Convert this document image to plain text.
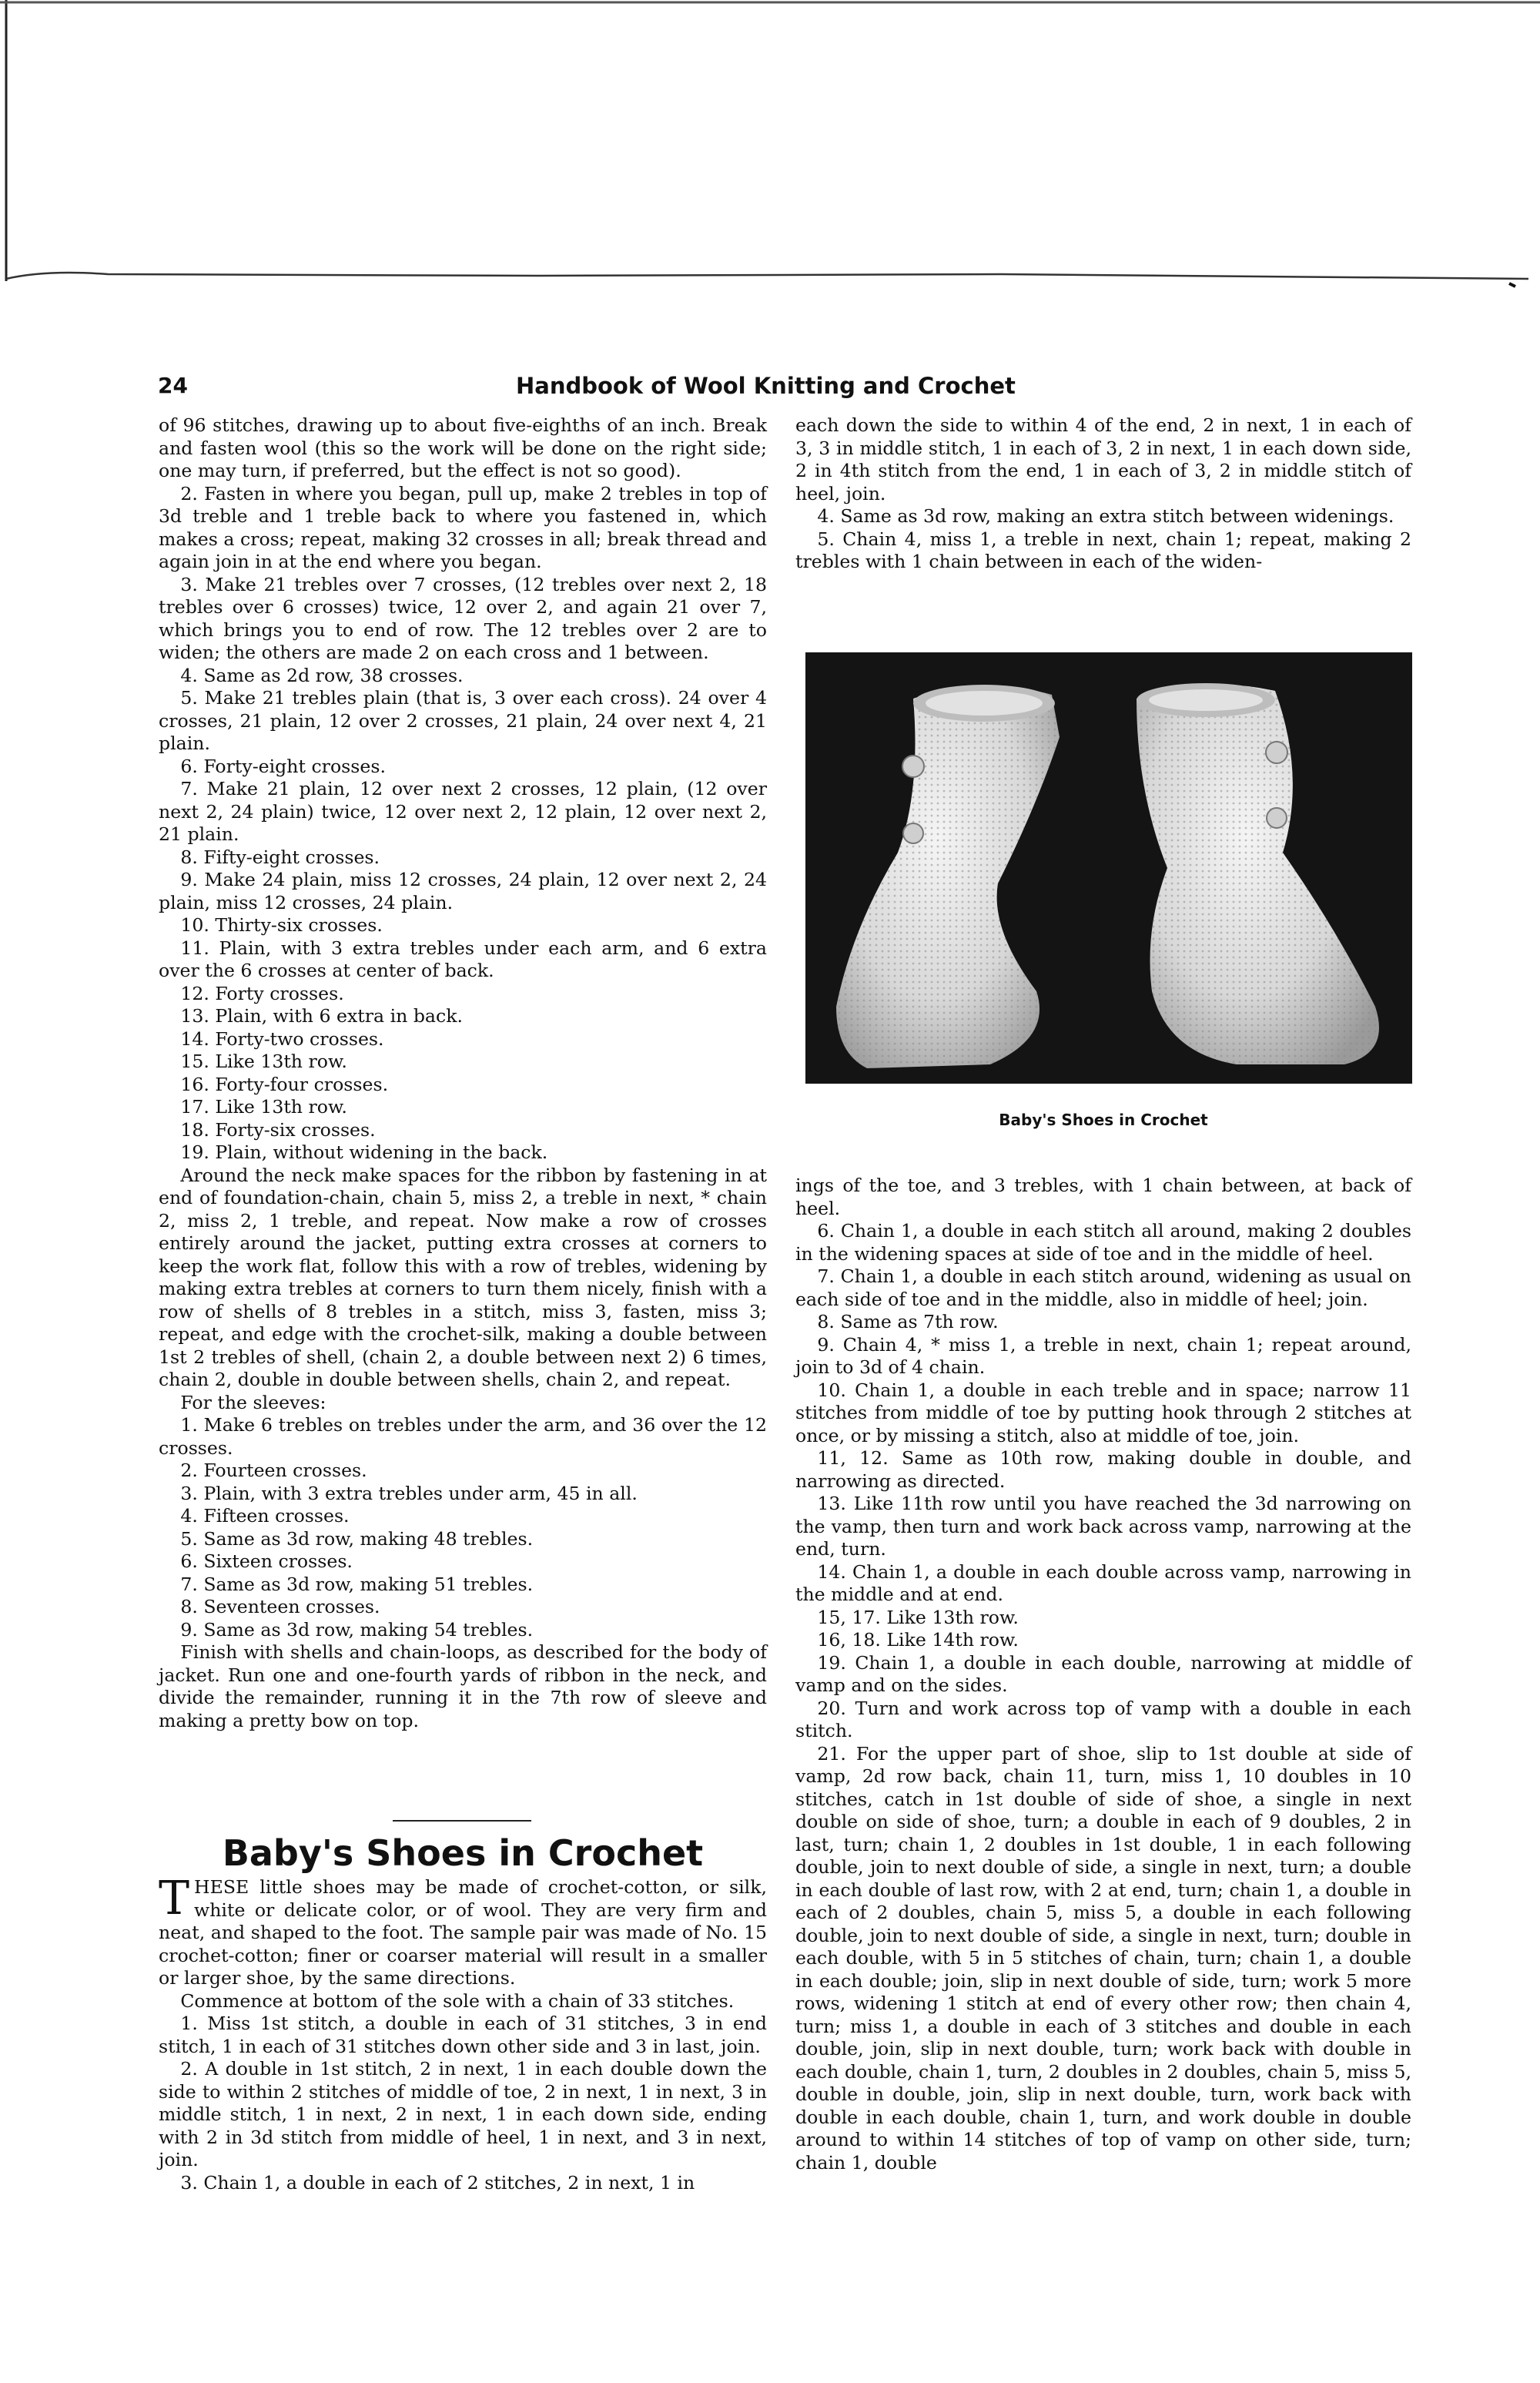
24	Handbook of Wool Knitting and Crochet

of 96 stitches, drawing up to about five-eighths of an inch. Break and fasten wool (this so the work will be done on the right side; one may turn, if preferred, but the effect is not so good).

2. Fasten in where you began, pull up, make 2 trebles in top of 3d treble and 1 treble back to where you fastened in, which makes a cross; repeat, making 32 crosses in all; break thread and again join in at the end where you began.

3. Make 21 trebles over 7 crosses, (12 trebles over next 2, 18 trebles over 6 crosses) twice, 12 over 2, and again 21 over 7, which brings you to end of row. The 12 trebles over 2 are to widen; the others are made 2 on each cross and 1 between.

4. Same as 2d row, 38 crosses.

5. Make 21 trebles plain (that is, 3 over each cross). 24 over 4 crosses, 21 plain, 12 over 2 crosses, 21 plain, 24 over next 4, 21 plain.

6. Forty-eight crosses.

7. Make 21 plain, 12 over next 2 crosses, 12 plain, (12 over next 2, 24 plain) twice, 12 over next 2, 12 plain, 12 over next 2, 21 plain.

8. Fifty-eight crosses.

9. Make 24 plain, miss 12 crosses, 24 plain, 12 over next 2, 24 plain, miss 12 crosses, 24 plain.

10. Thirty-six crosses.

11. Plain, with 3 extra trebles under each arm, and 6 extra over the 6 crosses at center of back.

12. Forty crosses.

13. Plain, with 6 extra in back.

14. Forty-two crosses.

15. Like 13th row.

16. Forty-four crosses.

17. Like 13th row.

18. Forty-six crosses.

19. Plain, without widening in the back.

Around the neck make spaces for the ribbon by fastening in at end of foundation-chain, chain 5, miss 2, a treble in next, * chain 2, miss 2, 1 treble, and repeat. Now make a row of crosses entirely around the jacket, putting extra crosses at corners to keep the work flat, follow this with a row of trebles, widening by making extra trebles at corners to turn them nicely, finish with a row of shells of 8 trebles in a stitch, miss 3, fasten, miss 3; repeat, and edge with the crochet-silk, making a double between 1st 2 trebles of shell, (chain 2, a double between next 2) 6 times, chain 2, double in double between shells, chain 2, and repeat.

For the sleeves:

1. Make 6 trebles on trebles under the arm, and 36 over the 12 crosses.

2. Fourteen crosses.

3. Plain, with 3 extra trebles under arm, 45 in all.

4. Fifteen crosses.

5. Same as 3d row, making 48 trebles.

6. Sixteen crosses.

7. Same as 3d row, making 51 trebles.

8. Seventeen crosses.

9. Same as 3d row, making 54 trebles.

Finish with shells and chain-loops, as described for the body of jacket. Run one and one-fourth yards of ribbon in the neck, and divide the remainder, running it in the 7th row of sleeve and making a pretty bow on top.

Baby's Shoes in Crochet

THESE little shoes may be made of crochet-cotton, or silk, white or delicate color, or of wool. They are very firm and neat, and shaped to the foot. The sample pair was made of No. 15 crochet-cotton; finer or coarser material will result in a smaller or larger shoe, by the same directions.

Commence at bottom of the sole with a chain of 33 stitches.

1. Miss 1st stitch, a double in each of 31 stitches, 3 in end stitch, 1 in each of 31 stitches down other side and 3 in last, join.

2. A double in 1st stitch, 2 in next, 1 in each double down the side to within 2 stitches of middle of toe, 2 in next, 1 in next, 3 in middle stitch, 1 in next, 2 in next, 1 in each down side, ending with 2 in 3d stitch from middle of heel, 1 in next, and 3 in next, join.

3. Chain 1, a double in each of 2 stitches, 2 in next, 1 in

each down the side to within 4 of the end, 2 in next, 1 in each of 3, 3 in middle stitch, 1 in each of 3, 2 in next, 1 in each down side, 2 in 4th stitch from the end, 1 in each of 3, 2 in middle stitch of heel, join.

4. Same as 3d row, making an extra stitch between widenings.

5. Chain 4, miss 1, a treble in next, chain 1; repeat, making 2 trebles with 1 chain between in each of the widen-

Baby's Shoes in Crochet

ings of the toe, and 3 trebles, with 1 chain between, at back of heel.

6. Chain 1, a double in each stitch all around, making 2 doubles in the widening spaces at side of toe and in the middle of heel.

7. Chain 1, a double in each stitch around, widening as usual on each side of toe and in the middle, also in middle of heel; join.

8. Same as 7th row.

9. Chain 4, * miss 1, a treble in next, chain 1; repeat around, join to 3d of 4 chain.

10. Chain 1, a double in each treble and in space; narrow 11 stitches from middle of toe by putting hook through 2 stitches at once, or by missing a stitch, also at middle of toe, join.

11, 12. Same as 10th row, making double in double, and narrowing as directed.

13. Like 11th row until you have reached the 3d narrowing on the vamp, then turn and work back across vamp, narrowing at the end, turn.

14. Chain 1, a double in each double across vamp, narrowing in the middle and at end.

15, 17. Like 13th row.

16, 18. Like 14th row.

19. Chain 1, a double in each double, narrowing at middle of vamp and on the sides.

20. Turn and work across top of vamp with a double in each stitch.

21. For the upper part of shoe, slip to 1st double at side of vamp, 2d row back, chain 11, turn, miss 1, 10 doubles in 10 stitches, catch in 1st double of side of shoe, a single in next double on side of shoe, turn; a double in each of 9 doubles, 2 in last, turn; chain 1, 2 doubles in 1st double, 1 in each following double, join to next double of side, a single in next, turn; a double in each double of last row, with 2 at end, turn; chain 1, a double in each of 2 doubles, chain 5, miss 5, a double in each following double, join to next double of side, a single in next, turn; double in each double, with 5 in 5 stitches of chain, turn; chain 1, a double in each double; join, slip in next double of side, turn; work 5 more rows, widening 1 stitch at end of every other row; then chain 4, turn; miss 1, a double in each of 3 stitches and double in each double, join, slip in next double, turn; work back with double in each double, chain 1, turn, 2 doubles in 2 doubles, chain 5, miss 5, double in double, join, slip in next double, turn, work back with double in each double, chain 1, turn, and work double in double around to within 14 stitches of top of vamp on other side, turn; chain 1, double
